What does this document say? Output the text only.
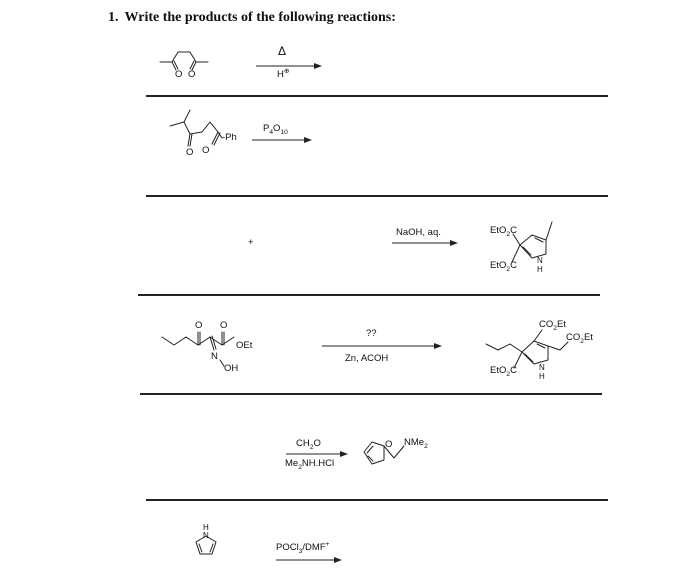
1. Write the products of the following reactions:
O O
Δ
H⊕
O O
-Ph
$P_4O_{10}$
+
NaOH, aq.	EtO$_2$C
EtO$_2$C	N
H
O O
OEt
N
OH
??
Zn, ACOH
$CO_2Et$
$CO_2Et$
EtO$_2$C	N
H
$CH_2O$
$Me_2NH.HCl$
O NMe$_2$
N
H
POCl$_3$/DMF+
